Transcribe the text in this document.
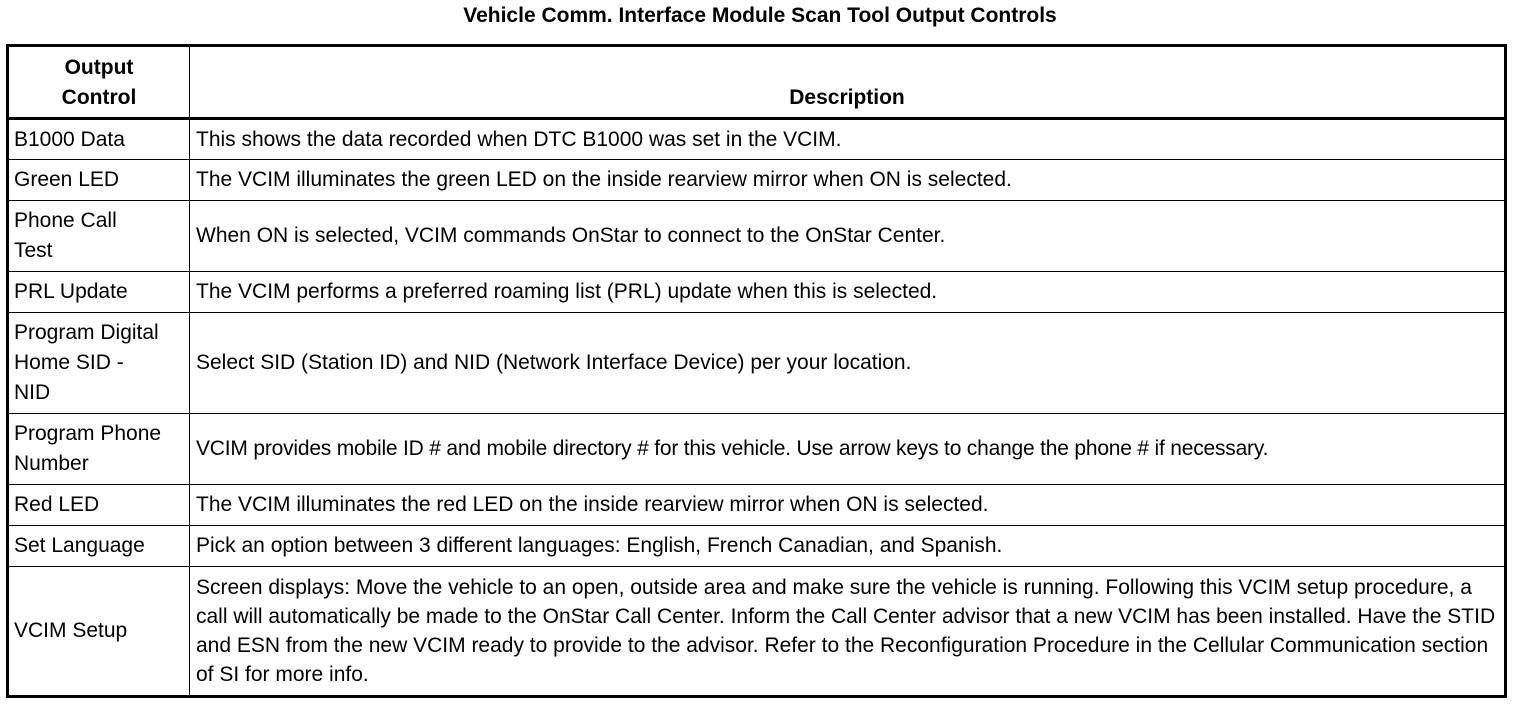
Vehicle Comm. Interface Module Scan Tool Output Controls
Output Control	Description
B1000 Data	This shows the data recorded when DTC B1000 was set in the VCIM.
Green LED	The VCIM illuminates the green LED on the inside rearview mirror when ON is selected.
Phone Call Test	When ON is selected, VCIM commands OnStar to connect to the OnStar Center.
PRL Update	The VCIM performs a preferred roaming list (PRL) update when this is selected.
Program Digital Home SID - NID	Select SID (Station ID) and NID (Network Interface Device) per your location.
Program Phone Number	VCIM provides mobile ID # and mobile directory # for this vehicle. Use arrow keys to change the phone # if necessary.
Red LED	The VCIM illuminates the red LED on the inside rearview mirror when ON is selected.
Set Language	Pick an option between 3 different languages: English, French Canadian, and Spanish.
VCIM Setup	Screen displays: Move the vehicle to an open, outside area and make sure the vehicle is running. Following this VCIM setup procedure, a call will automatically be made to the OnStar Call Center. Inform the Call Center advisor that a new VCIM has been installed. Have the STID and ESN from the new VCIM ready to provide to the advisor. Refer to the Reconfiguration Procedure in the Cellular Communication section of SI for more info.
